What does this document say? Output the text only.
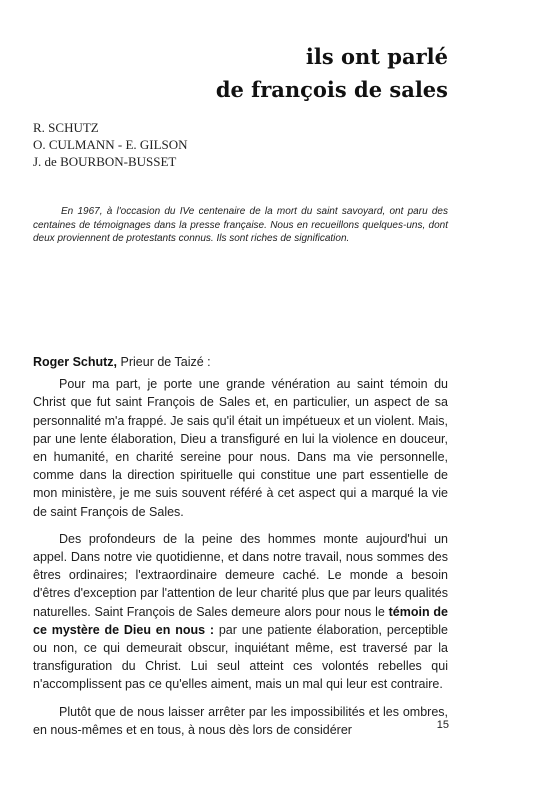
ils ont parlé
de françois de sales
R. SCHUTZ
O. CULMANN - E. GILSON
J. de BOURBON-BUSSET

En 1967, à l'occasion du IVe centenaire de la mort du saint savoyard, ont paru des centaines de témoignages dans la presse française. Nous en recueillons quelques-uns, dont deux proviennent de protestants connus. Ils sont riches de signification.

Roger Schutz, Prieur de Taizé :

Pour ma part, je porte une grande vénération au saint témoin du Christ que fut saint François de Sales et, en particulier, un aspect de sa personnalité m'a frappé. Je sais qu'il était un impétueux et un violent. Mais, par une lente élaboration, Dieu a transfiguré en lui la violence en douceur, en humanité, en charité sereine pour nous. Dans ma vie personnelle, comme dans la direction spirituelle qui constitue une part essentielle de mon ministère, je me suis souvent référé à cet aspect qui a marqué la vie de saint François de Sales.

Des profondeurs de la peine des hommes monte aujourd'hui un appel. Dans notre vie quotidienne, et dans notre travail, nous sommes des êtres ordinaires; l'extraordinaire demeure caché. Le monde a besoin d'êtres d'exception par l'attention de leur charité plus que par leurs qualités naturelles. Saint François de Sales demeure alors pour nous le témoin de ce mystère de Dieu en nous : par une patiente élaboration, perceptible ou non, ce qui demeurait obscur, inquiétant même, est traversé par la transfiguration du Christ. Lui seul atteint ces volontés rebelles qui n'accomplissent pas ce qu'elles aiment, mais un mal qui leur est contraire.

Plutôt que de nous laisser arrêter par les impossibilités et les ombres, en nous-mêmes et en tous, à nous dès lors de considérer	15
